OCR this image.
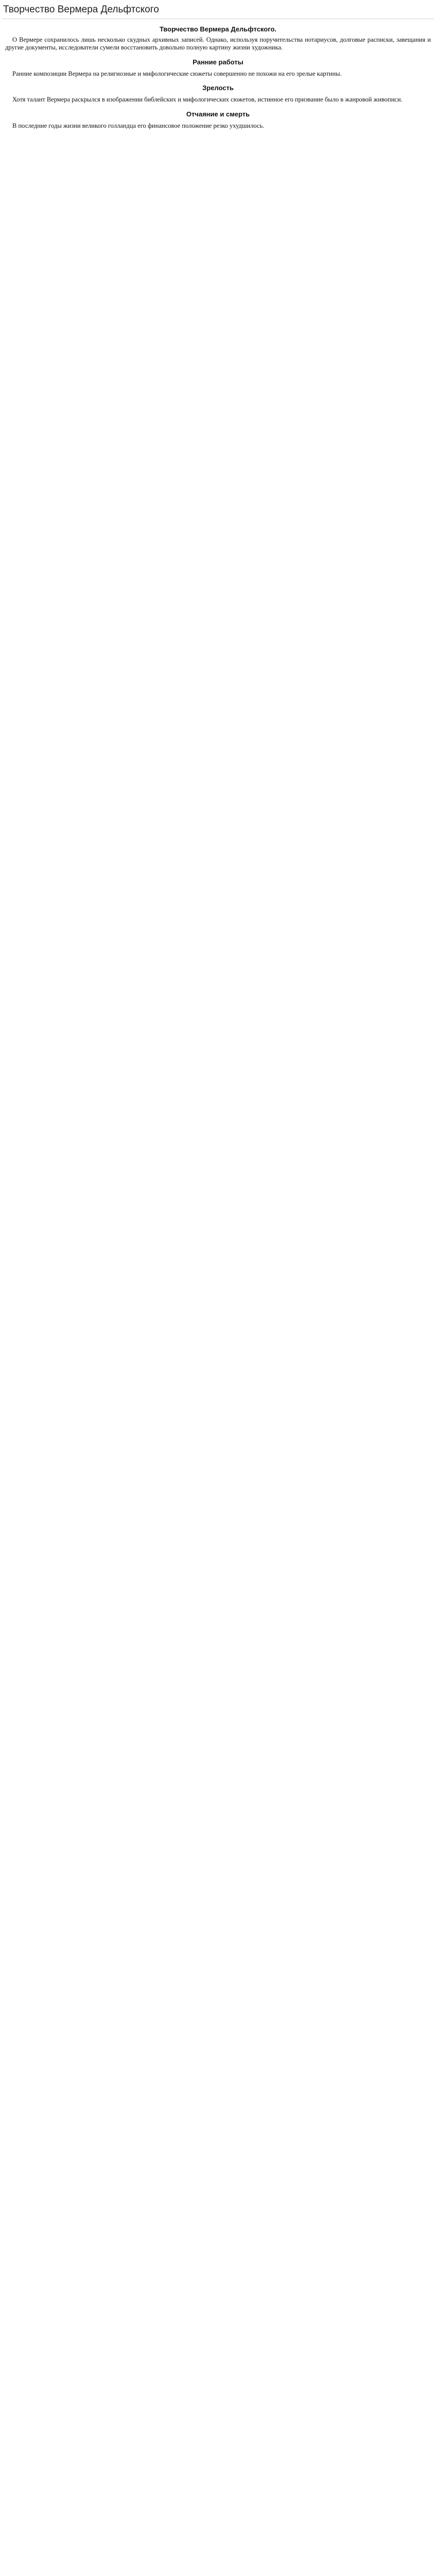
Творчество Вермера Дельфтского
Творчество Вермера Дельфтского.

О Вермере сохранилось лишь несколько скудных архивных записей. Однако, используя поручительства нотариусов, долговые расписки, завещания и другие документы, исследователи сумели восстановить довольно полную картину жизни художника.

Ранние работы

Ранние композиции Вермера на религиозные и мифологические сюжеты совершенно не похожи на его зрелые картины.

Зрелость

Хотя талант Вермера раскрылся в изображении библейских и мифологических сюжетов, истинное его призвание было в жанровой живописи.

Отчаяние и смерть

В последние годы жизни великого голландца его финансовое положение резко ухудшилось.
